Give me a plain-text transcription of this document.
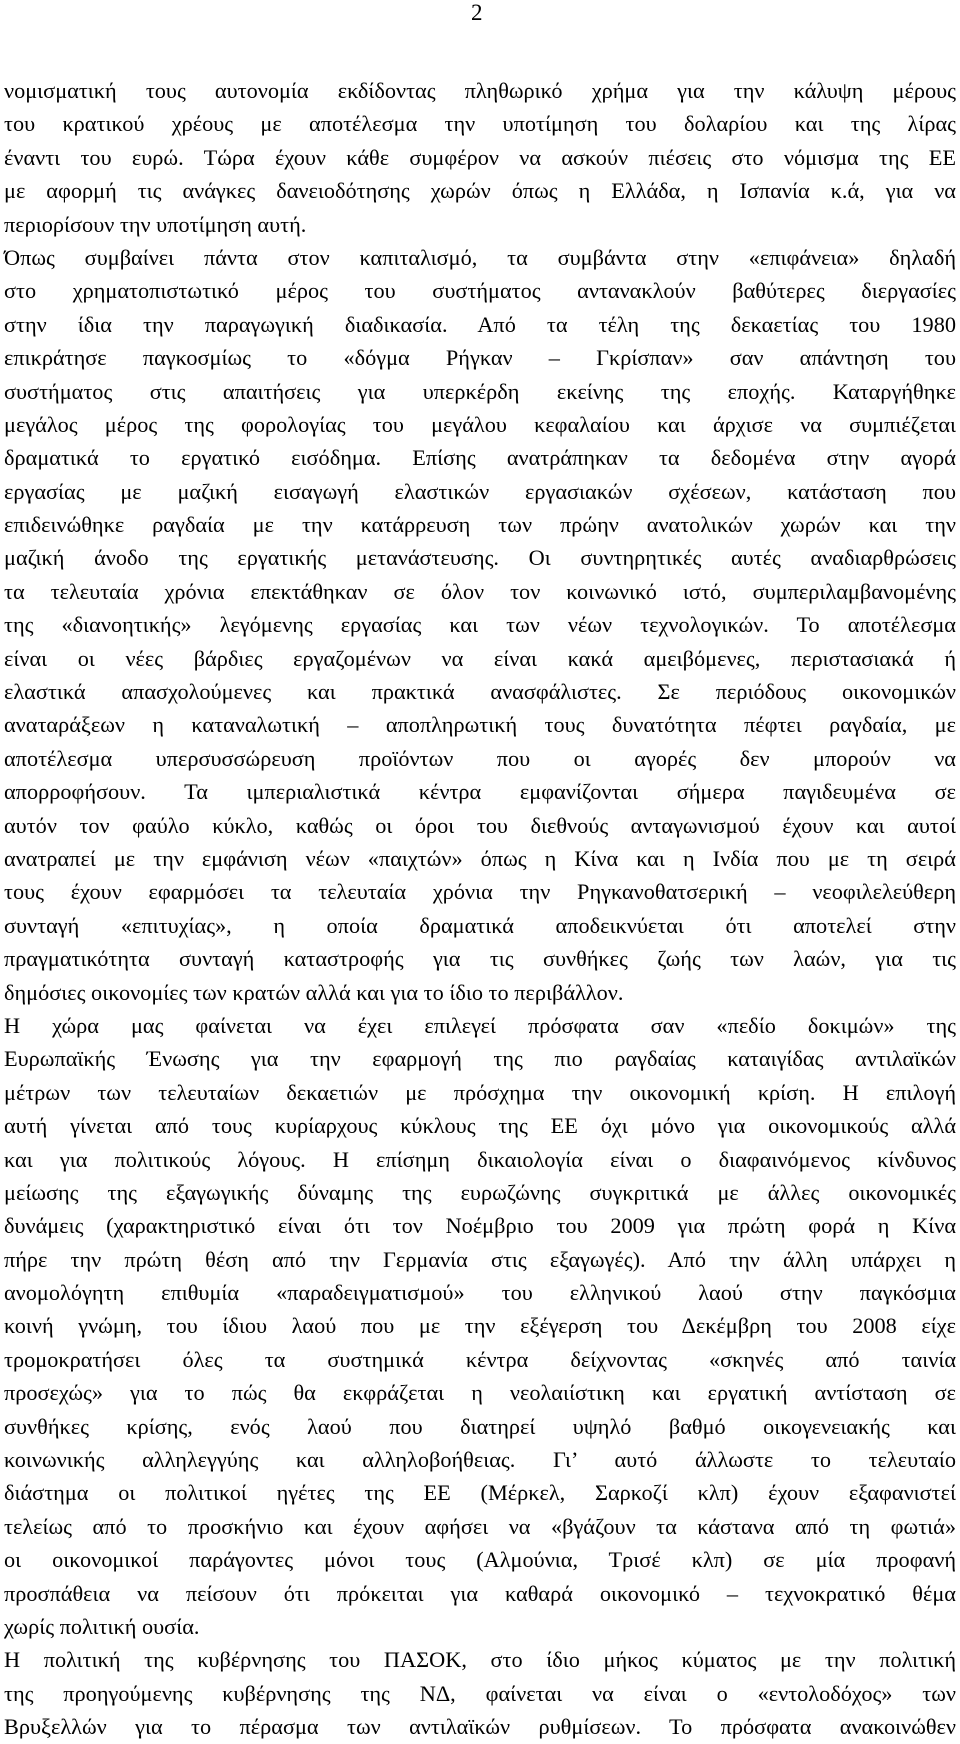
2
νομισματική τους αυτονομία εκδίδοντας πληθωρικό χρήμα για την κάλυψη μέρους
του κρατικού χρέους με αποτέλεσμα την υποτίμηση του δολαρίου και της λίρας
έναντι του ευρώ. Τώρα έχουν κάθε συμφέρον να ασκούν πιέσεις στο νόμισμα της ΕΕ
με αφορμή τις ανάγκες δανειοδότησης χωρών όπως η Ελλάδα, η Ισπανία κ.ά, για να
περιορίσουν την υποτίμηση αυτή.
Όπως συμβαίνει πάντα στον καπιταλισμό, τα συμβάντα στην «επιφάνεια» δηλαδή
στο χρηματοπιστωτικό μέρος του συστήματος αντανακλούν βαθύτερες διεργασίες
στην ίδια την παραγωγική διαδικασία. Από τα τέλη της δεκαετίας του 1980
επικράτησε παγκοσμίως το «δόγμα Ρήγκαν – Γκρίσπαν» σαν απάντηση του
συστήματος στις απαιτήσεις για υπερκέρδη εκείνης της εποχής. Καταργήθηκε
μεγάλος μέρος της φορολογίας του μεγάλου κεφαλαίου και άρχισε να συμπιέζεται
δραματικά το εργατικό εισόδημα. Επίσης ανατράπηκαν τα δεδομένα στην αγορά
εργασίας με μαζική εισαγωγή ελαστικών εργασιακών σχέσεων, κατάσταση που
επιδεινώθηκε ραγδαία με την κατάρρευση των πρώην ανατολικών χωρών και την
μαζική άνοδο της εργατικής μετανάστευσης. Οι συντηρητικές αυτές αναδιαρθρώσεις
τα τελευταία χρόνια επεκτάθηκαν σε όλον τον κοινωνικό ιστό, συμπεριλαμβανομένης
της «διανοητικής» λεγόμενης εργασίας και των νέων τεχνολογικών. Το αποτέλεσμα
είναι οι νέες βάρδιες εργαζομένων να είναι κακά αμειβόμενες, περιστασιακά ή
ελαστικά απασχολούμενες και πρακτικά ανασφάλιστες. Σε περιόδους οικονομικών
αναταράξεων η καταναλωτική – αποπληρωτική τους δυνατότητα πέφτει ραγδαία, με
αποτέλεσμα υπερσυσσώρευση προϊόντων που οι αγορές δεν μπορούν να
απορροφήσουν. Τα ιμπεριαλιστικά κέντρα εμφανίζονται σήμερα παγιδευμένα σε
αυτόν τον φαύλο κύκλο, καθώς οι όροι του διεθνούς ανταγωνισμού έχουν και αυτοί
ανατραπεί με την εμφάνιση νέων «παιχτών» όπως η Κίνα και η Ινδία που με τη σειρά
τους έχουν εφαρμόσει τα τελευταία χρόνια την Ρηγκανοθατσερική – νεοφιλελεύθερη
συνταγή «επιτυχίας», η οποία δραματικά αποδεικνύεται ότι αποτελεί στην
πραγματικότητα συνταγή καταστροφής για τις συνθήκες ζωής των λαών, για τις
δημόσιες οικονομίες των κρατών αλλά και για το ίδιο το περιβάλλον.
Η χώρα μας φαίνεται να έχει επιλεγεί πρόσφατα σαν «πεδίο δοκιμών» της
Ευρωπαϊκής Ένωσης για την εφαρμογή της πιο ραγδαίας καταιγίδας αντιλαϊκών
μέτρων των τελευταίων δεκαετιών με πρόσχημα την οικονομική κρίση. Η επιλογή
αυτή γίνεται από τους κυρίαρχους κύκλους της ΕΕ όχι μόνο για οικονομικούς αλλά
και για πολιτικούς λόγους. Η επίσημη δικαιολογία είναι ο διαφαινόμενος κίνδυνος
μείωσης της εξαγωγικής δύναμης της ευρωζώνης συγκριτικά με άλλες οικονομικές
δυνάμεις (χαρακτηριστικό είναι ότι τον Νοέμβριο του 2009 για πρώτη φορά η Κίνα
πήρε την πρώτη θέση από την Γερμανία στις εξαγωγές). Από την άλλη υπάρχει η
ανομολόγητη επιθυμία «παραδειγματισμού» του ελληνικού λαού στην παγκόσμια
κοινή γνώμη, του ίδιου λαού που με την εξέγερση του Δεκέμβρη του 2008 είχε
τρομοκρατήσει όλες τα συστημικά κέντρα δείχνοντας «σκηνές από ταινία
προσεχώς» για το πώς θα εκφράζεται η νεολαιίστικη και εργατική αντίσταση σε
συνθήκες κρίσης, ενός λαού που διατηρεί υψηλό βαθμό οικογενειακής και
κοινωνικής αλληλεγγύης και αλληλοβοήθειας. Γι’ αυτό άλλωστε το τελευταίο
διάστημα οι πολιτικοί ηγέτες της ΕΕ (Μέρκελ, Σαρκοζί κλπ) έχουν εξαφανιστεί
τελείως από το προσκήνιο και έχουν αφήσει να «βγάζουν τα κάστανα από τη φωτιά»
οι οικονομικοί παράγοντες μόνοι τους (Αλμούνια, Τρισέ κλπ) σε μία προφανή
προσπάθεια να πείσουν ότι πρόκειται για καθαρά οικονομικό – τεχνοκρατικό θέμα
χωρίς πολιτική ουσία.
Η πολιτική της κυβέρνησης του ΠΑΣΟΚ, στο ίδιο μήκος κύματος με την πολιτική
της προηγούμενης κυβέρνησης της ΝΔ, φαίνεται να είναι ο «εντολοδόχος» των
Βρυξελλών για το πέρασμα των αντιλαϊκών ρυθμίσεων. Το πρόσφατα ανακοινώθεν
